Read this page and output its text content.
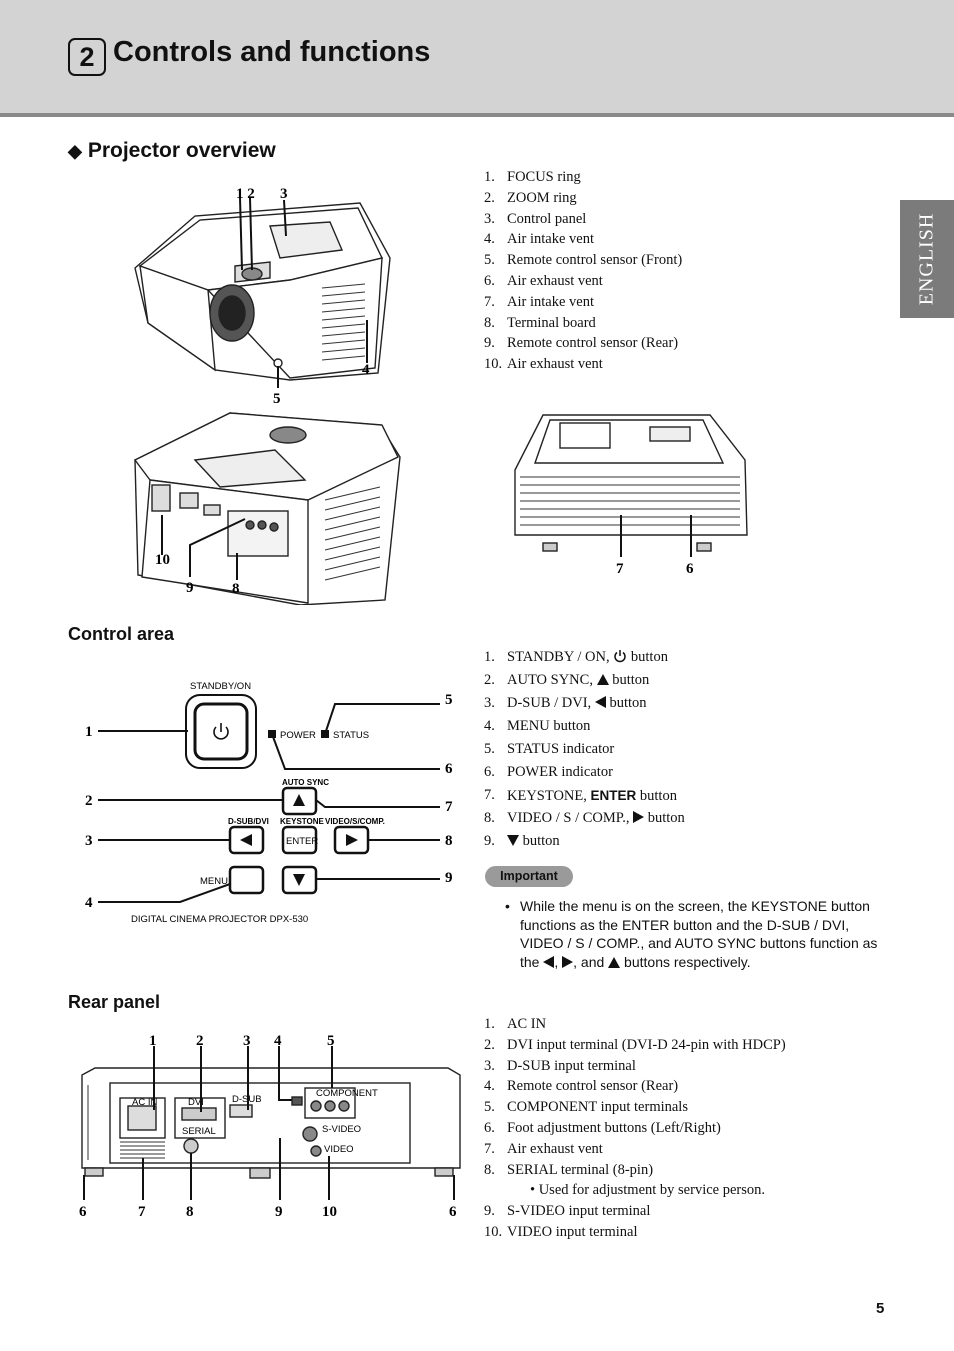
2 Controls and functions
ENGLISH
◆ Projector overview
1. FOCUS ring
2. ZOOM ring
3. Control panel
4. Air intake vent
5. Remote control sensor (Front)
6. Air exhaust vent
7. Air intake vent
8. Terminal board
9. Remote control sensor (Rear)
10. Air exhaust vent
1 2 3
4
5
10
9	8
7	6
Control area
1. STANDBY / ON,  button
2. AUTO SYNC,  button
3. D-SUB / DVI,  button
4. MENU button
5. STATUS indicator
6. POWER indicator
7. KEYSTONE, ENTER button
8. VIDEO / S / COMP.,  button
9. button
STANDBY/ON
POWER STATUS
AUTO SYNC
D-SUB/DVI KEYSTONE VIDEO/S/COMP.
ENTER
MENU
DIGITAL CINEMA PROJECTOR DPX-530
1
2
3
4
5
6
7
8
9	Important
• While the menu is on the screen, the KEYSTONE button functions as the ENTER button and the D-SUB / DVI, VIDEO / S / COMP., and AUTO SYNC buttons function as the , , and  buttons respectively.
Rear panel
1. AC IN
2. DVI input terminal (DVI-D 24-pin with HDCP)
3. D-SUB input terminal
4. Remote control sensor (Rear)
5. COMPONENT input terminals
6. Foot adjustment buttons (Left/Right)
7. Air exhaust vent
8. SERIAL terminal (8-pin)
• Used for adjustment by service person.
9. S-VIDEO input terminal
10. VIDEO input terminal
AC IN	DVI	D-SUB
SERIAL
COMPONENT
S-VIDEO
VIDEO
1	2	3 4	5
6	7	8	9	10	6
5
